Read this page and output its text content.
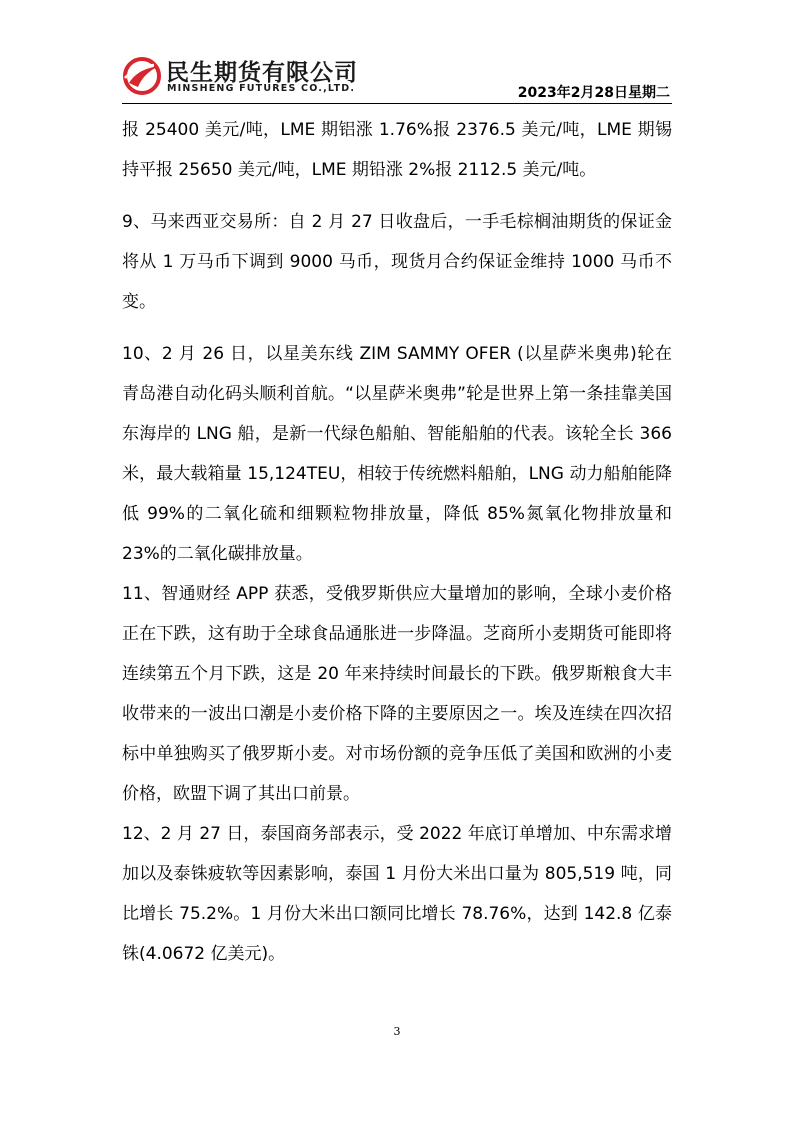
民生期货有限公司
MINSHENG FUTURES CO.,LTD.	2023年2月28日星期二

报 25400 美元/吨，LME 期铝涨 1.76%报 2376.5 美元/吨，LME 期锡持平报 25650 美元/吨，LME 期铅涨 2%报 2112.5 美元/吨。

9、马来西亚交易所：自 2 月 27 日收盘后，一手毛棕榈油期货的保证金将从 1 万马币下调到 9000 马币，现货月合约保证金维持 1000 马币不变。

10、2 月 26 日，以星美东线 ZIM SAMMY OFER (以星萨米奥弗)轮在青岛港自动化码头顺利首航。“以星萨米奥弗”轮是世界上第一条挂靠美国东海岸的 LNG 船，是新一代绿色船舶、智能船舶的代表。该轮全长 366 米，最大载箱量 15,124TEU，相较于传统燃料船舶，LNG 动力船舶能降低 99%的二氧化硫和细颗粒物排放量，降低 85%氮氧化物排放量和 23%的二氧化碳排放量。

11、智通财经 APP 获悉，受俄罗斯供应大量增加的影响，全球小麦价格正在下跌，这有助于全球食品通胀进一步降温。芝商所小麦期货可能即将连续第五个月下跌，这是 20 年来持续时间最长的下跌。俄罗斯粮食大丰收带来的一波出口潮是小麦价格下降的主要原因之一。埃及连续在四次招标中单独购买了俄罗斯小麦。对市场份额的竞争压低了美国和欧洲的小麦价格，欧盟下调了其出口前景。

12、2 月 27 日，泰国商务部表示，受 2022 年底订单增加、中东需求增加以及泰铢疲软等因素影响，泰国 1 月份大米出口量为 805,519 吨，同比增长 75.2%。1 月份大米出口额同比增长 78.76%，达到 142.8 亿泰铢(4.0672 亿美元)。

3
